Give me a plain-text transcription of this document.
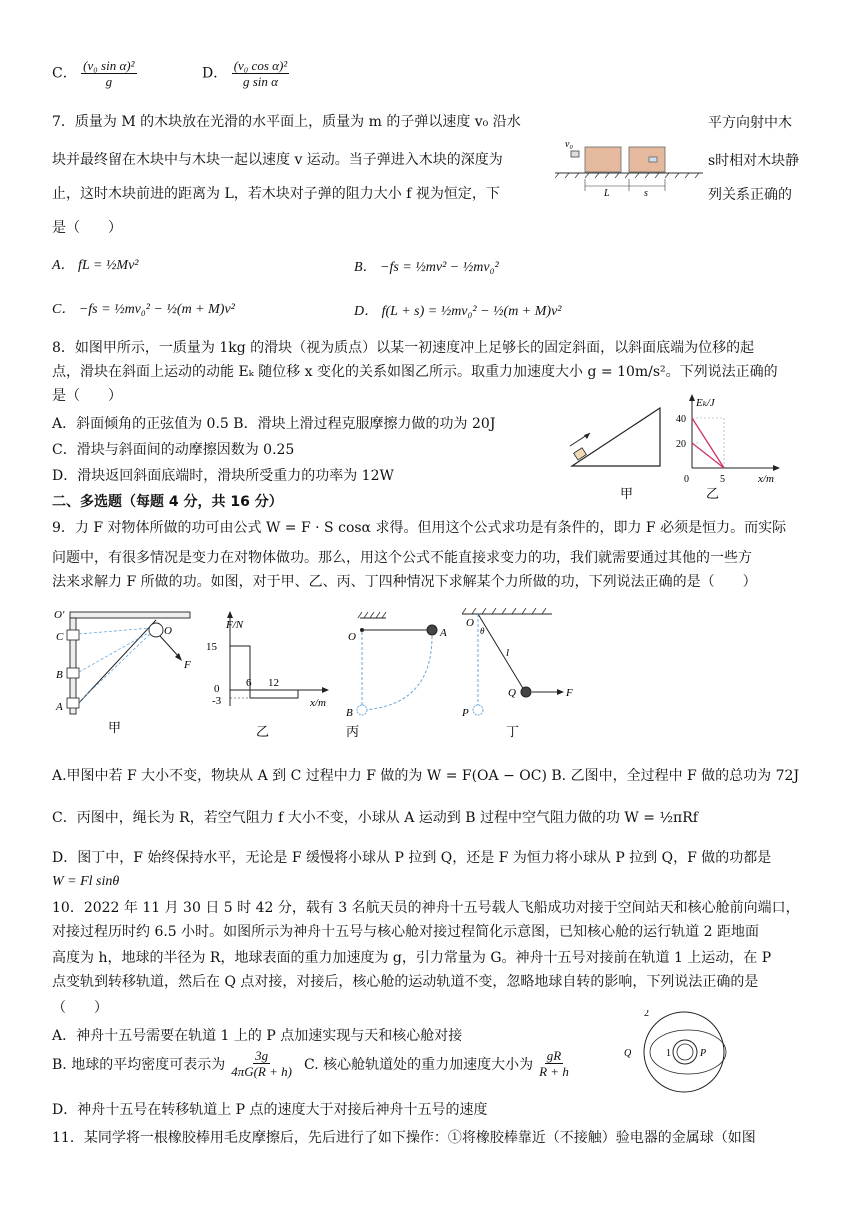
C． $\frac{\text{(v₀ sin α)²}}{g}$	D． $\frac{\text{(v₀ cos α)²}}{\text{g sin α}}$
7．质量为 M 的木块放在光滑的水平面上，质量为 m 的子弹以速度 v₀ 沿水	平方向射中木
块并最终留在木块中与木块一起以速度 v 运动。当子弹进入木块的深度为	s时相对木块静
止，这时木块前进的距离为 L，若木块对子弹的阻力大小 f 视为恒定，下	列关系正确的
是（　　）
v₀
L	s
A． fL = ½Mv²	B． −fs = ½mv² − ½mv₀²
C． −fs = ½mv₀² − ½(m + M)v²	D． f(L + s) = ½mv₀² − ½(m + M)v²
8．如图甲所示，一质量为 1kg 的滑块（视为质点）以某一初速度冲上足够长的固定斜面，以斜面底端为位移的起
点，滑块在斜面上运动的动能 Eₖ 随位移 x 变化的关系如图乙所示。取重力加速度大小 g = 10m/s²。下列说法正确的
是（　　）
A．斜面倾角的正弦值为 0.5 B．滑块上滑过程克服摩擦力做的功为 20J
C．滑块与斜面间的动摩擦因数为 0.25
D．滑块返回斜面底端时，滑块所受重力的功率为 12W
甲
Eₖ/J
x/m
40
20
0	5
乙
二、多选题（每题 4 分，共 16 分）
9．力 F 对物体所做的功可由公式 W = F · S cosα 求得。但用这个公式求功是有条件的，即力 F 必须是恒力。而实际
问题中，有很多情况是变力在对物体做功。那么，用这个公式不能直接求变力的功，我们就需要通过其他的一些方
法来求解力 F 所做的功。如图，对于甲、乙、丙、丁四种情况下求解某个力所做的功，下列说法正确的是（　　）
O′
C
B
A
O
F
甲
F/N
15
0
-3
6 12
x/m
乙
O	A
B
丙
O
θ
l
Q	F
P
丁
A.甲图中若 F 大小不变，物块从 A 到 C 过程中力 F 做的为 W = F(OA − OC) B. 乙图中，全过程中 F 做的总功为 72J
C．丙图中，绳长为 R，若空气阻力 f 大小不变，小球从 A 运动到 B 过程中空气阻力做的功 W = ½πRf
D．图丁中，F 始终保持水平，无论是 F 缓慢将小球从 P 拉到 Q，还是 F 为恒力将小球从 P 拉到 Q，F 做的功都是
W = Fl sinθ
10．2022 年 11 月 30 日 5 时 42 分，载有 3 名航天员的神舟十五号载人飞船成功对接于空间站天和核心舱前向端口，
对接过程历时约 6.5 小时。如图所示为神舟十五号与核心舱对接过程简化示意图，已知核心舱的运行轨道 2 距地面
高度为 h，地球的半径为 R，地球表面的重力加速度为 g，引力常量为 G。神舟十五号对接前在轨道 1 上运动，在 P
点变轨到转移轨道，然后在 Q 点对接，对接后，核心舱的运动轨道不变，忽略地球自转的影响，下列说法正确的是
（　　）
A．神舟十五号需要在轨道 1 上的 P 点加速实现与天和核心舱对接
B. 地球的平均密度可表示为 $\frac{3g}{4\pi G(R + h)} C$. 核心舱轨道处的重力加速度大小为 $\frac{gR}{R + h}$
D．神舟十五号在转移轨道上 P 点的速度大于对接后神舟十五号的速度
2
Q	1	P
11．某同学将一根橡胶棒用毛皮摩擦后，先后进行了如下操作：①将橡胶棒靠近（不接触）验电器的金属球（如图
